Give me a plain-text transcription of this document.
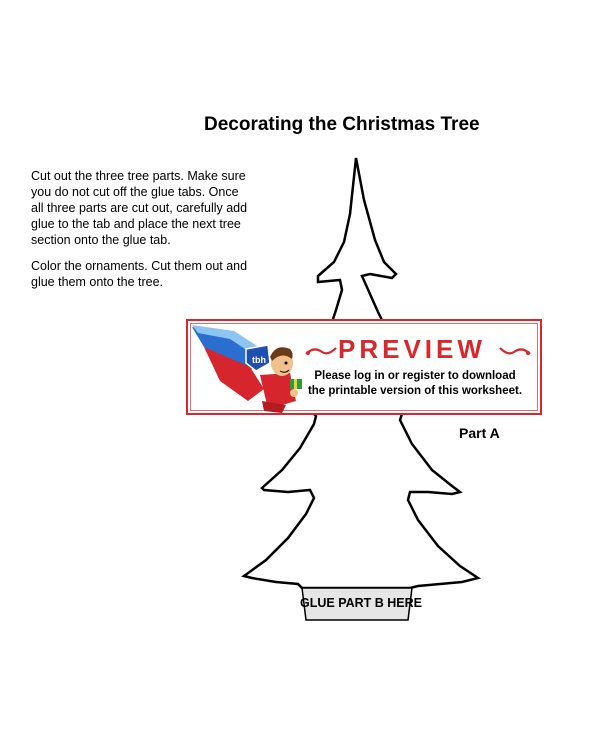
Decorating the Christmas Tree
Cut out the three tree parts. Make sure
you do not cut off the glue tabs. Once
all three parts are cut out, carefully add
glue to the tab and place the next tree
section onto the glue tab.
Color the ornaments. Cut them out and
glue them onto the tree.
Part A
GLUE PART B HERE
tbh	PREVIEW
Please log in or register to download
the printable version of this worksheet.
